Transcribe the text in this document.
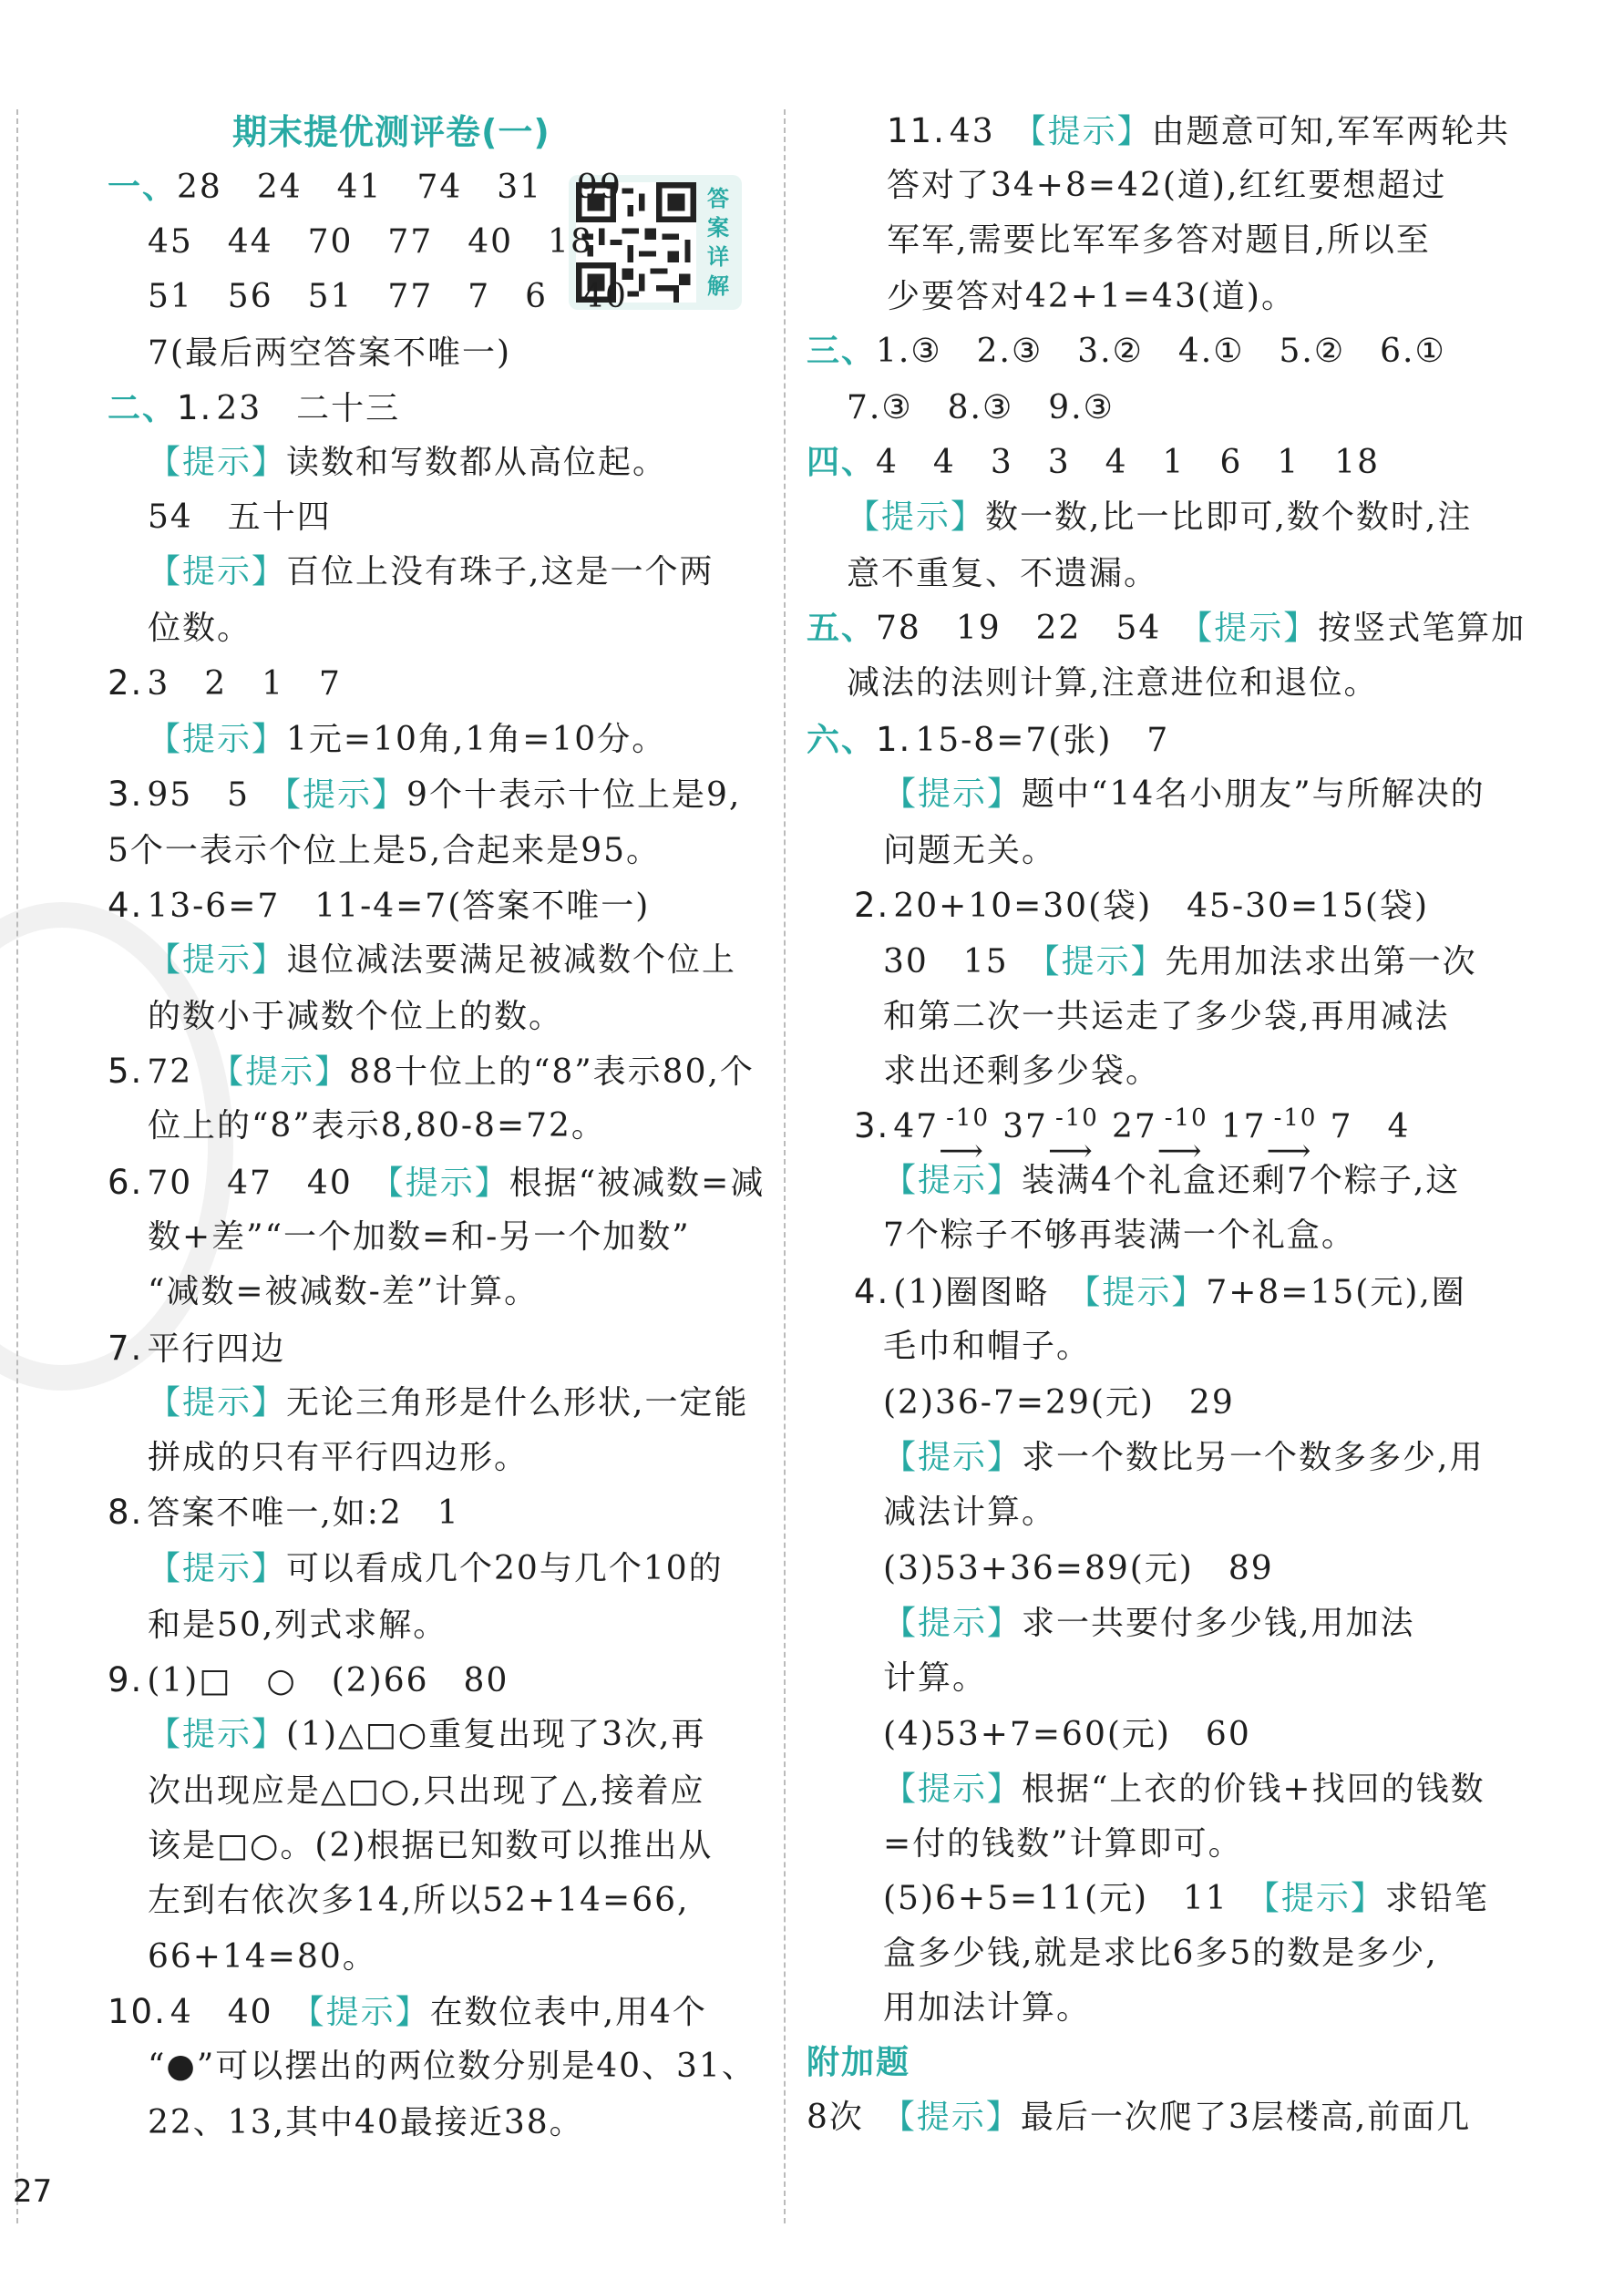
期末提优测评卷(一)
答案详解
一、28　24　41　74　31　99
45　44　70　77　40　18
51　56　51　77　7　6　40
7(最后两空答案不唯一)
二、1. 23　二十三
【提示】读数和写数都从高位起。
54　五十四
【提示】百位上没有珠子,这是一个两
位数。
2. 3　2　1　7
【提示】1元=10角,1角=10分。
3. 95　5　【提示】9个十表示十位上是9,
5个一表示个位上是5,合起来是95。
4. 13-6=7　11-4=7(答案不唯一)
【提示】退位减法要满足被减数个位上
的数小于减数个位上的数。
5. 72　【提示】88十位上的“8”表示80,个
位上的“8”表示8,80-8=72。
6. 70　47　40　【提示】根据“被减数=减
数+差”“一个加数=和-另一个加数”
“减数=被减数-差”计算。
7. 平行四边
【提示】无论三角形是什么形状,一定能
拼成的只有平行四边形。
8. 答案不唯一,如:2　1
【提示】可以看成几个20与几个10的
和是50,列式求解。
9. (1)□　○　(2)66　80
【提示】(1)△□○重复出现了3次,再
次出现应是△□○,只出现了△,接着应
该是□○。(2)根据已知数可以推出从
左到右依次多14,所以52+14=66,
66+14=80。
10. 4　40　【提示】在数位表中,用4个
“●”可以摆出的两位数分别是40、31、
22、13,其中40最接近38。
11. 43　【提示】由题意可知,军军两轮共
答对了34+8=42(道),红红要想超过
军军,需要比军军多答对题目,所以至
少要答对42+1=43(道)。
三、1.③　2.③　3.②　4.①　5.②　6.①
7.③　8.③　9.③
四、4　4　3　3　4　1　6　1　18
【提示】数一数,比一比即可,数个数时,注
意不重复、不遗漏。
五、78　19　22　54　【提示】按竖式笔算加
减法的法则计算,注意进位和退位。
六、1. 15-8=7(张)　7
【提示】题中“14名小朋友”与所解决的
问题无关。
2. 20+10=30(袋)　45-30=15(袋)
30　15　【提示】先用加法求出第一次
和第二次一共运走了多少袋,再用减法
求出还剩多少袋。
3. 47 -10
⟶
37 -10
⟶
27 -10
⟶
17 -10
⟶
7　4
【提示】装满4个礼盒还剩7个粽子,这
7个粽子不够再装满一个礼盒。
4. (1)圈图略　【提示】7+8=15(元),圈
毛巾和帽子。
(2)36-7=29(元)　29
【提示】求一个数比另一个数多多少,用
减法计算。
(3)53+36=89(元)　89
【提示】求一共要付多少钱,用加法
计算。
(4)53+7=60(元)　60
【提示】根据“上衣的价钱+找回的钱数
=付的钱数”计算即可。
(5)6+5=11(元)　11　【提示】求铅笔
盒多少钱,就是求比6多5的数是多少,
用加法计算。
附加题
8次　【提示】最后一次爬了3层楼高,前面几
27
